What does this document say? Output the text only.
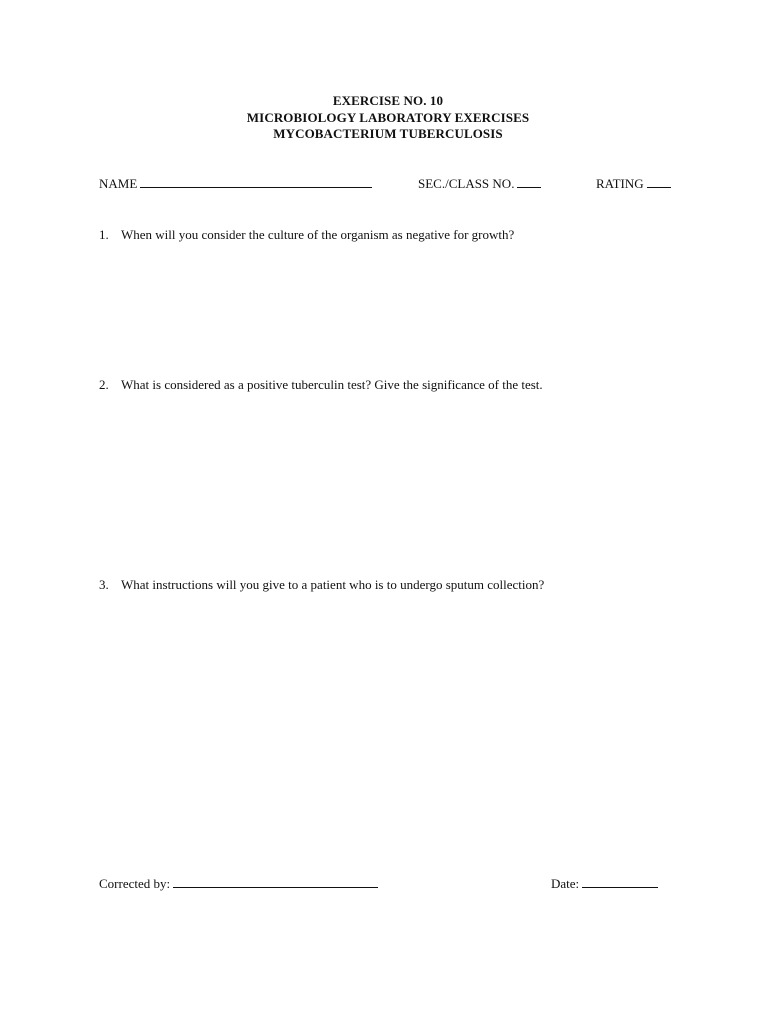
EXERCISE NO. 10
MICROBIOLOGY LABORATORY EXERCISES
MYCOBACTERIUM TUBERCULOSIS
NAME	SEC./CLASS NO.	RATING
1. When will you consider the culture of the organism as negative for growth?
2. What is considered as a positive tuberculin test? Give the significance of the test.
3. What instructions will you give to a patient who is to undergo sputum collection?
Corrected by:	Date:
